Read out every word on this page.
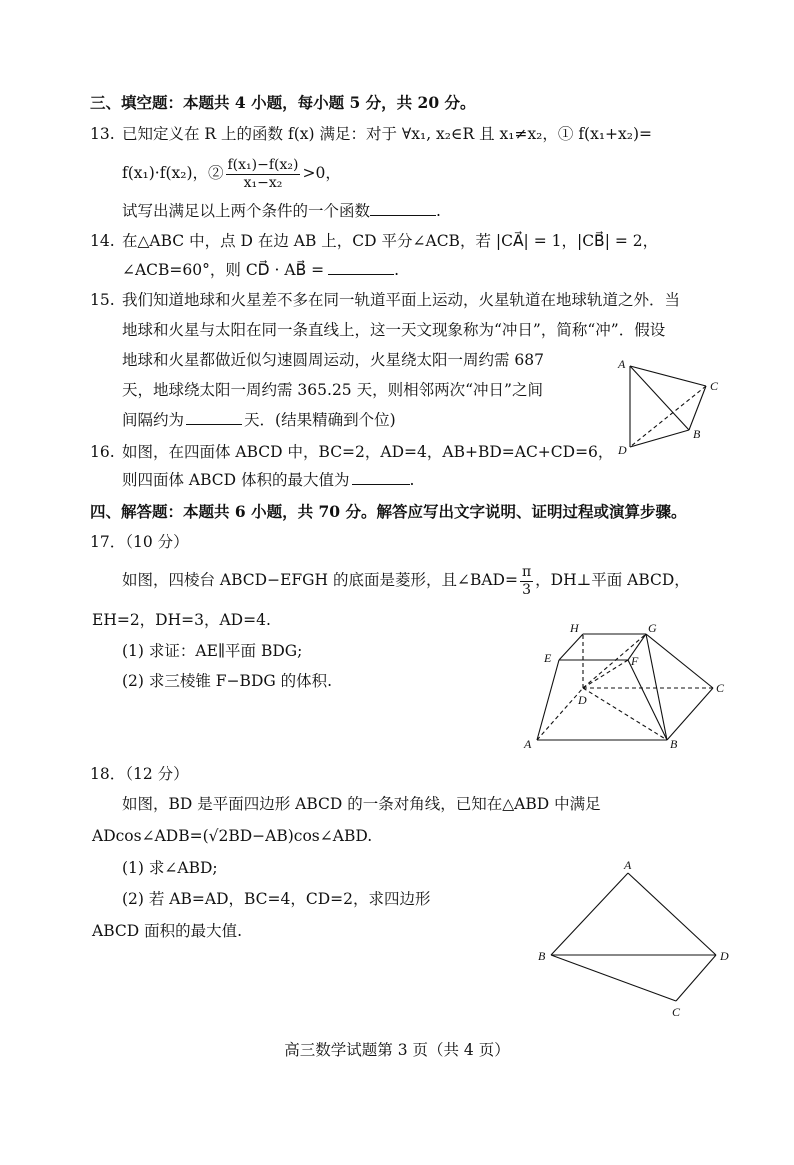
三、填空题：本题共 4 小题，每小题 5 分，共 20 分。
13. 已知定义在 R 上的函数 f(x) 满足：对于 ∀x₁, x₂∈R 且 x₁≠x₂，① f(x₁+x₂)=
f(x₁)·f(x₂)，② $\frac{\text{f(x₁)−f(x₂)}}{\text{x₁−x₂}} >0$，
试写出满足以上两个条件的一个函数	.
14. 在△ABC 中，点 D 在边 AB 上，CD 平分∠ACB，若 |CA⃗| = 1，|CB⃗| = 2，
∠ACB=60°，则 CD⃗ · AB⃗ =	.
15. 我们知道地球和火星差不多在同一轨道平面上运动，火星轨道在地球轨道之外．当
地球和火星与太阳在同一条直线上，这一天文现象称为“冲日”，简称“冲”．假设
地球和火星都做近似匀速圆周运动，火星绕太阳一周约需 687
天，地球绕太阳一周约需 365.25 天，则相邻两次“冲日”之间
间隔约为	天．(结果精确到个位)
16. 如图，在四面体 ABCD 中，BC=2，AD=4，AB+BD=AC+CD=6，
则四面体 ABCD 体积的最大值为	.
A
C
B
D
四、解答题：本题共 6 小题，共 70 分。解答应写出文字说明、证明过程或演算步骤。
17．（10 分）
如图，四棱台 ABCD−EFGH 的底面是菱形，且∠BAD= $\frac{\pi}{3}$ ，DH⊥平面 ABCD，
EH=2，DH=3，AD=4.
(1) 求证：AE∥平面 BDG;
(2) 求三棱锥 F−BDG 的体积.
H	G
E	F
D
C
A	B
18．（12 分）
如图，BD 是平面四边形 ABCD 的一条对角线，已知在△ABD 中满足
ADcos∠ADB=(√2BD−AB)cos∠ABD.
(1) 求∠ABD;
(2) 若 AB=AD，BC=4，CD=2，求四边形
ABCD 面积的最大值.
A
B	D
C
高三数学试题第 3 页（共 4 页）
